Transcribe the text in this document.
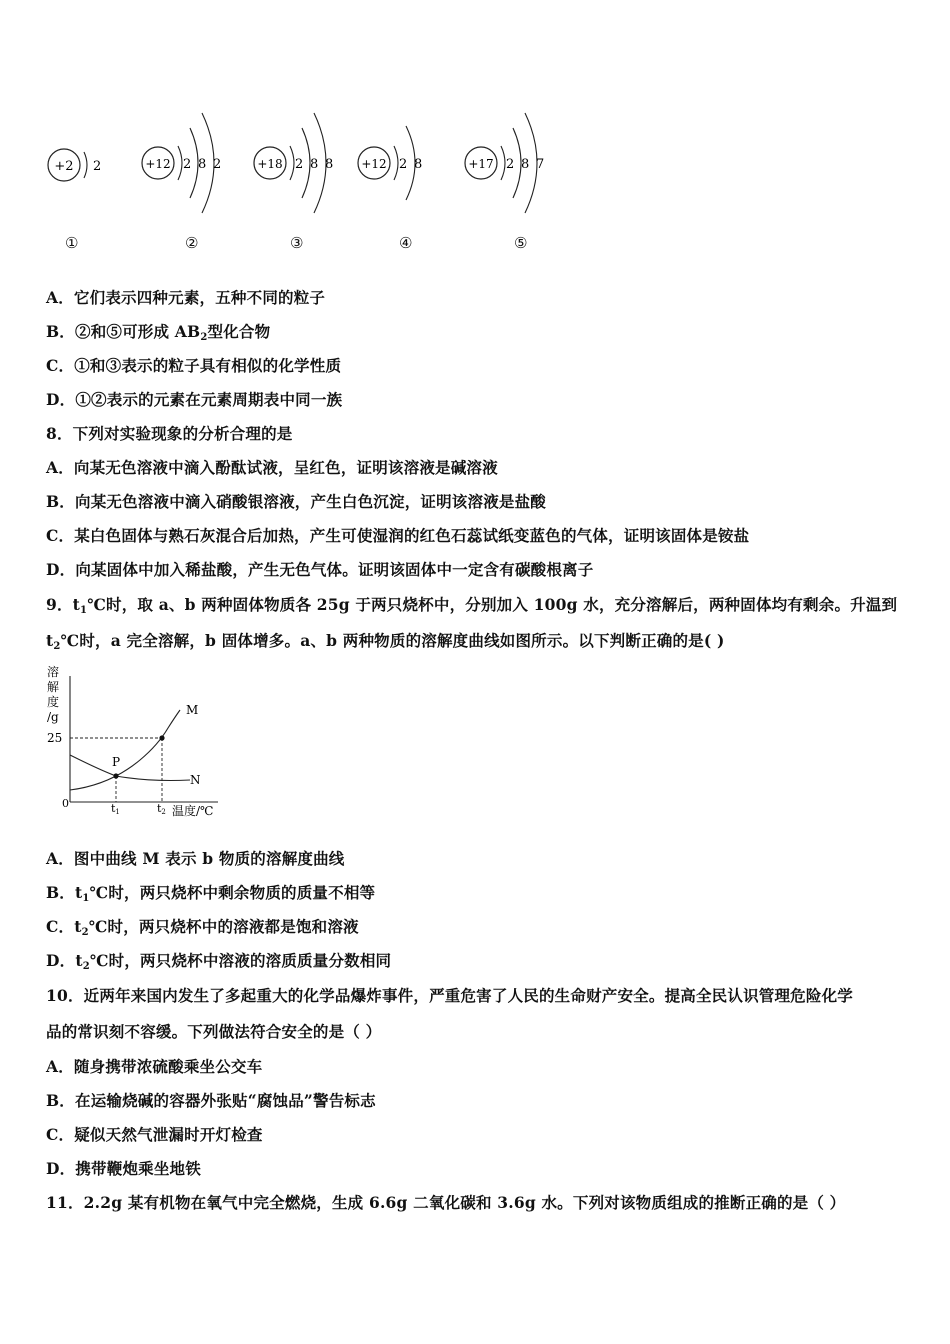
+2 2	+12 2 8 2	+18 2 8 8 +12 2 8	+17 2 8 7
①	②	③	④	⑤
A．它们表示四种元素，五种不同的粒子
B．②和⑤可形成 $AB_2$型化合物
C．①和③表示的粒子具有相似的化学性质
D．①②表示的元素在元素周期表中同一族
8．下列对实验现象的分析合理的是
A．向某无色溶液中滴入酚酞试液，呈红色，证明该溶液是碱溶液
B．向某无色溶液中滴入硝酸银溶液，产生白色沉淀，证明该溶液是盐酸
C．某白色固体与熟石灰混合后加热，产生可使湿润的红色石蕊试纸变蓝色的气体，证明该固体是铵盐
D．向某固体中加入稀盐酸，产生无色气体。证明该固体中一定含有碳酸根离子
9．$t_1℃$时，取 a、b 两种固体物质各 25g 于两只烧杯中，分别加入 100g 水，充分溶解后，两种固体均有剩余。升温到
$t_2℃$时，a 完全溶解，b 固体增多。a、b 两种物质的溶解度曲线如图所示。以下判断正确的是( )
溶
解
度
/g
0
25
P
M
N
t1	t2 温度/℃
A．图中曲线 M 表示 b 物质的溶解度曲线
B．$t_1℃$时，两只烧杯中剩余物质的质量不相等
C．$t_2℃$时，两只烧杯中的溶液都是饱和溶液
D．$t_2℃$时，两只烧杯中溶液的溶质质量分数相同
10．近两年来国内发生了多起重大的化学品爆炸事件，严重危害了人民的生命财产安全。提高全民认识管理危险化学
品的常识刻不容缓。下列做法符合安全的是（ ）
A．随身携带浓硫酸乘坐公交车
B．在运输烧碱的容器外张贴“腐蚀品”警告标志
C．疑似天然气泄漏时开灯检查
D．携带鞭炮乘坐地铁
11．2.2g 某有机物在氧气中完全燃烧，生成 6.6g 二氧化碳和 3.6g 水。下列对该物质组成的推断正确的是（ ）
